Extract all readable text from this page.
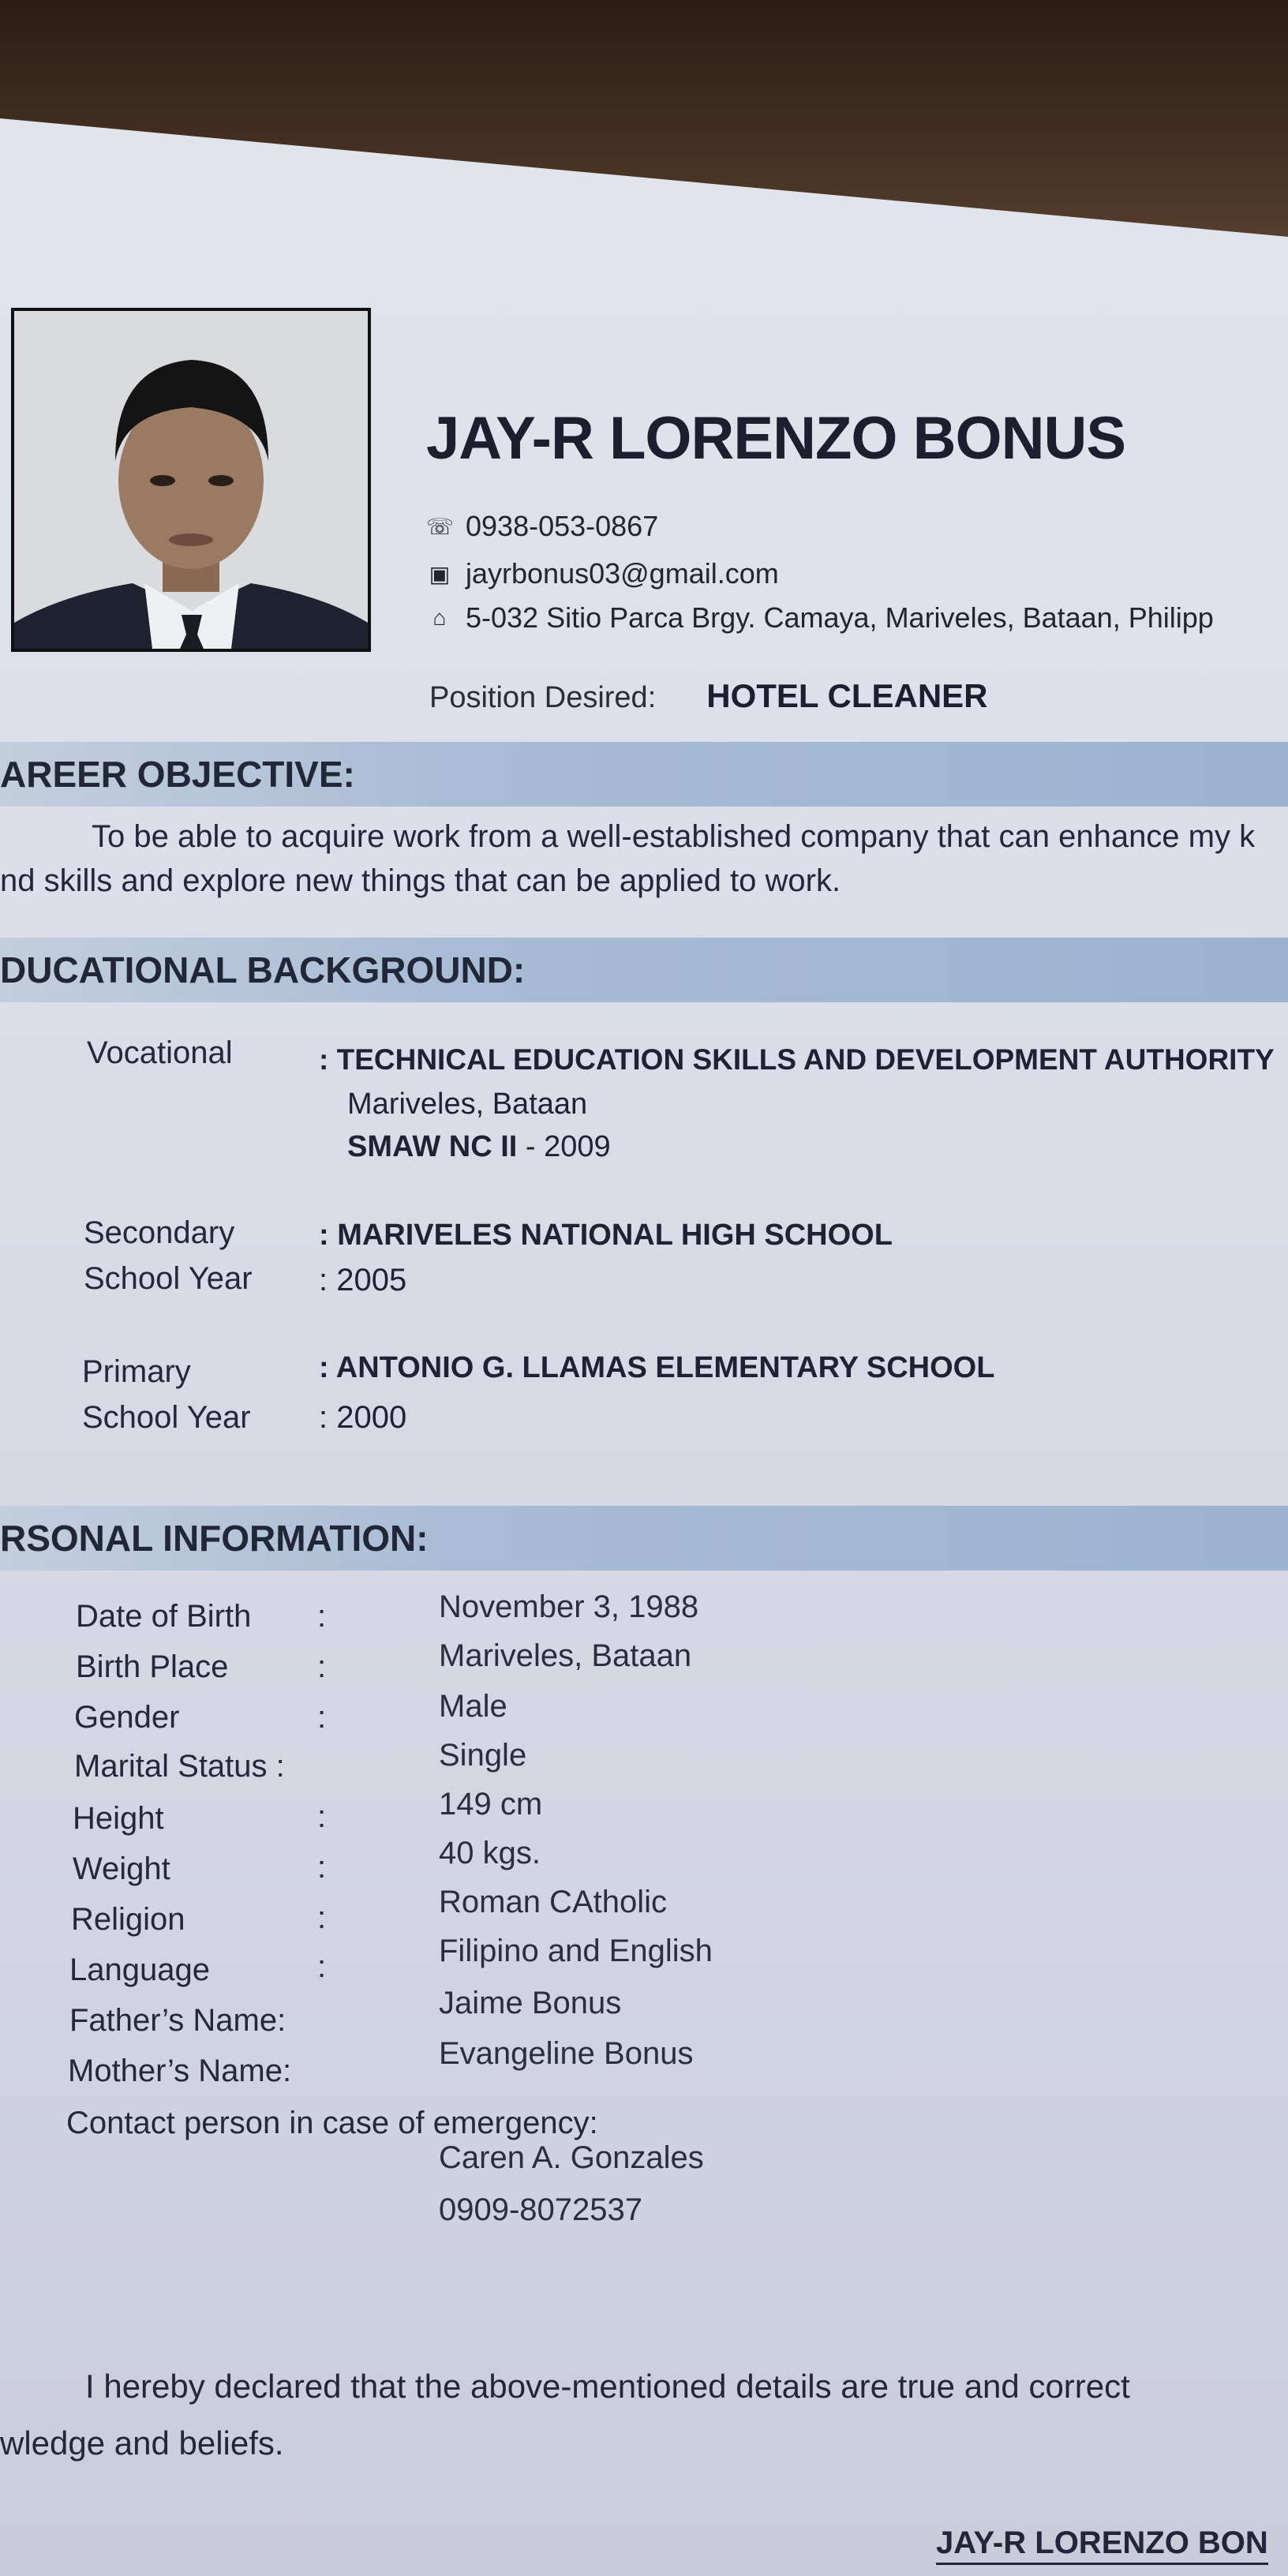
JAY-R LORENZO BONUS
☏ 0938-053-0867
▣ jayrbonus03@gmail.com
⌂ 5-032 Sitio Parca Brgy. Camaya, Mariveles, Bataan, Philipp
Position Desired: HOTEL CLEANER
AREER OBJECTIVE:
To be able to acquire work from a well-established company that can enhance my k
nd skills and explore new things that can be applied to work.
DUCATIONAL BACKGROUND:
Vocational	: TECHNICAL EDUCATION SKILLS AND DEVELOPMENT AUTHORITY
Mariveles, Bataan
SMAW NC II - 2009
Secondary	: MARIVELES NATIONAL HIGH SCHOOL
School Year : 2005
Primary	: ANTONIO G. LLAMAS ELEMENTARY SCHOOL
School Year : 2000
RSONAL INFORMATION:
Date of Birth :	November 3, 1988
Birth Place	:	Mariveles, Bataan
Gender	:	Male
Marital Status :	Single
Height	:	149 cm
Weight	:	40 kgs.
Religion	:	Roman CAtholic
Language	:	Filipino and English
Father’s Name:	Jaime Bonus
Mother’s Name:	Evangeline Bonus
Contact person in case of emergency:
Caren A. Gonzales
0909-8072537
I hereby declared that the above-mentioned details are true and correct
wledge and beliefs.
JAY-R LORENZO BON
